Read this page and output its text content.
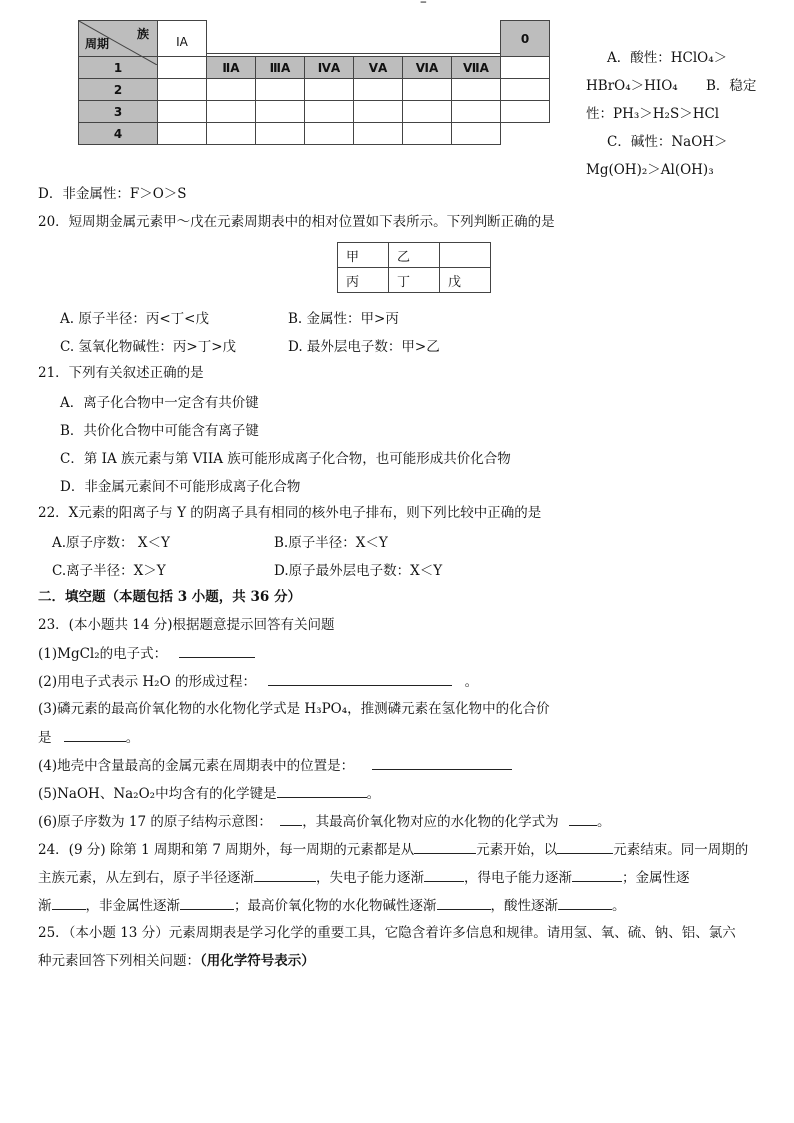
–
族
周期	ⅠA							0

1		ⅡA	ⅢA	ⅣA	ⅤA	ⅥA	ⅦA	
2								
3								
4								
A．酸性：HClO₄＞
HBrO₄＞HIO₄ B．稳定
性：PH₃＞H₂S＞HCl
C．碱性：NaOH＞
Mg(OH)₂＞Al(OH)₃
D．非金属性：F＞O＞S
20．短周期金属元素甲～戊在元素周期表中的相对位置如下表所示。下列判断正确的是
甲	乙	
丙	丁	戊
A. 原子半径：丙<丁<戊	B. 金属性：甲>丙
C. 氢氧化物碱性：丙>丁>戊	D. 最外层电子数：甲>乙
21．下列有关叙述正确的是
A．离子化合物中一定含有共价键
B．共价化合物中可能含有离子键
C．第 IA 族元素与第 VIIA 族可能形成离子化合物，也可能形成共价化合物
D．非金属元素间不可能形成离子化合物
22．X元素的阳离子与 Y 的阴离子具有相同的核外电子排布，则下列比较中正确的是
A.原子序数： X＜Y	B.原子半径：X＜Y
C.离子半径：X＞Y	D.原子最外层电子数：X＜Y
二．填空题（本题包括 3 小题，共 36 分）
23．(本小题共 14 分)根据题意提示回答有关问题
(1)MgCl₂的电子式：
(2)用电子式表示 H₂O 的形成过程：	。
(3)磷元素的最高价氧化物的水化物化学式是 H₃PO₄，推测磷元素在氢化物中的化合价
是	。
(4)地壳中含量最高的金属元素在周期表中的位置是：
(5)NaOH、Na₂O₂中均含有的化学键是	。
(6)原子序数为 17 的原子结构示意图： ，其最高价氧化物对应的水化物的化学式为	。
24．(9 分) 除第 1 周期和第 7 周期外，每一周期的元素都是从	元素开始，以	元素结束。同一周期的
主族元素，从左到右，原子半径逐渐	，失电子能力逐渐	，得电子能力逐渐	；金属性逐
渐	，非金属性逐渐	；最高价氧化物的水化物碱性逐渐	，酸性逐渐	。
25．（本小题 13 分）元素周期表是学习化学的重要工具，它隐含着许多信息和规律。请用氢、氧、硫、钠、铝、氯六
种元素回答下列相关问题：（用化学符号表示）
